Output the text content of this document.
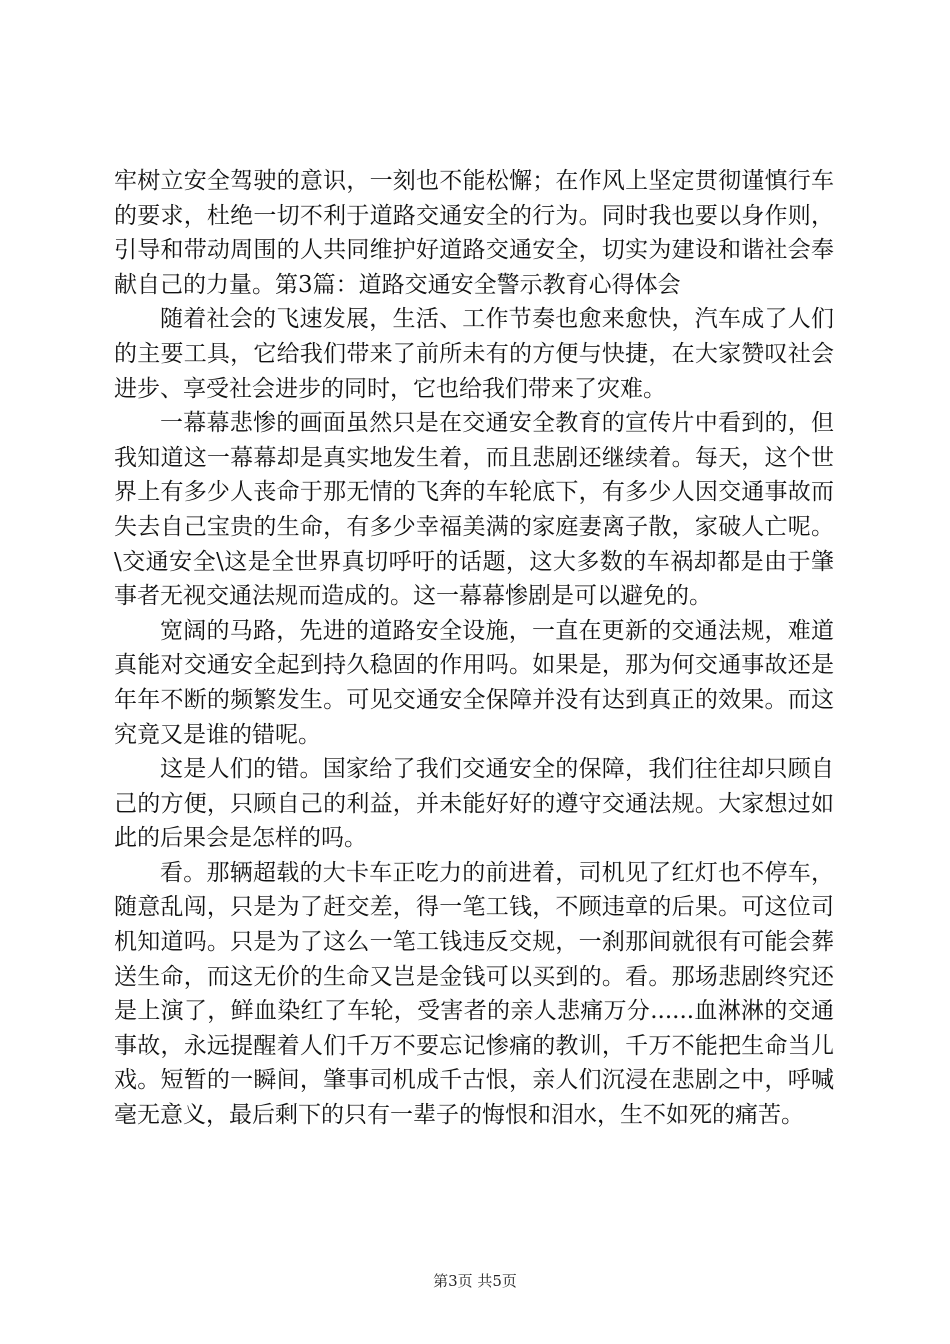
牢树立安全驾驶的意识，一刻也不能松懈；在作风上坚定贯彻谨慎行车的要求，杜绝一切不利于道路交通安全的行为。同时我也要以身作则，引导和带动周围的人共同维护好道路交通安全，切实为建设和谐社会奉献自己的力量。第3篇：道路交通安全警示教育心得体会

随着社会的飞速发展，生活、工作节奏也愈来愈快，汽车成了人们的主要工具，它给我们带来了前所未有的方便与快捷，在大家赞叹社会进步、享受社会进步的同时，它也给我们带来了灾难。

一幕幕悲惨的画面虽然只是在交通安全教育的宣传片中看到的，但我知道这一幕幕却是真实地发生着，而且悲剧还继续着。每天，这个世界上有多少人丧命于那无情的飞奔的车轮底下，有多少人因交通事故而失去自己宝贵的生命，有多少幸福美满的家庭妻离子散，家破人亡呢。\交通安全\这是全世界真切呼吁的话题，这大多数的车祸却都是由于肇事者无视交通法规而造成的。这一幕幕惨剧是可以避免的。

宽阔的马路，先进的道路安全设施，一直在更新的交通法规，难道真能对交通安全起到持久稳固的作用吗。如果是，那为何交通事故还是年年不断的频繁发生。可见交通安全保障并没有达到真正的效果。而这究竟又是谁的错呢。

这是人们的错。国家给了我们交通安全的保障，我们往往却只顾自己的方便，只顾自己的利益，并未能好好的遵守交通法规。大家想过如此的后果会是怎样的吗。

看。那辆超载的大卡车正吃力的前进着，司机见了红灯也不停车，随意乱闯，只是为了赶交差，得一笔工钱，不顾违章的后果。可这位司机知道吗。只是为了这么一笔工钱违反交规，一刹那间就很有可能会葬送生命，而这无价的生命又岂是金钱可以买到的。看。那场悲剧终究还是上演了，鲜血染红了车轮，受害者的亲人悲痛万分......血淋淋的交通事故，永远提醒着人们千万不要忘记惨痛的教训，千万不能把生命当儿戏。短暂的一瞬间，肇事司机成千古恨，亲人们沉浸在悲剧之中，呼喊毫无意义，最后剩下的只有一辈子的悔恨和泪水，生不如死的痛苦。

第3页 共5页
